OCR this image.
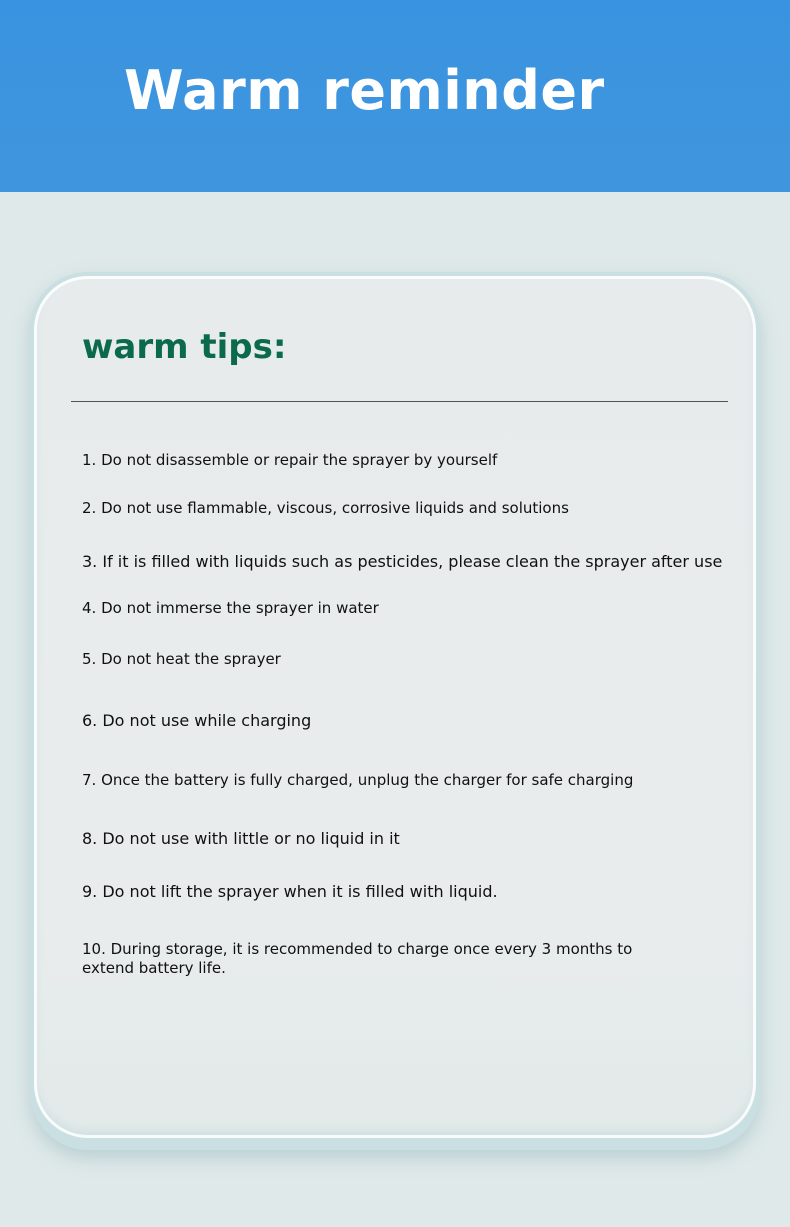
Warm reminder
warm tips:
1. Do not disassemble or repair the sprayer by yourself
2. Do not use flammable, viscous, corrosive liquids and solutions
3. If it is filled with liquids such as pesticides, please clean the sprayer after use
4. Do not immerse the sprayer in water
5. Do not heat the sprayer
6. Do not use while charging
7. Once the battery is fully charged, unplug the charger for safe charging
8. Do not use with little or no liquid in it
9. Do not lift the sprayer when it is filled with liquid.
10. During storage, it is recommended to charge once every 3 months to extend battery life.
